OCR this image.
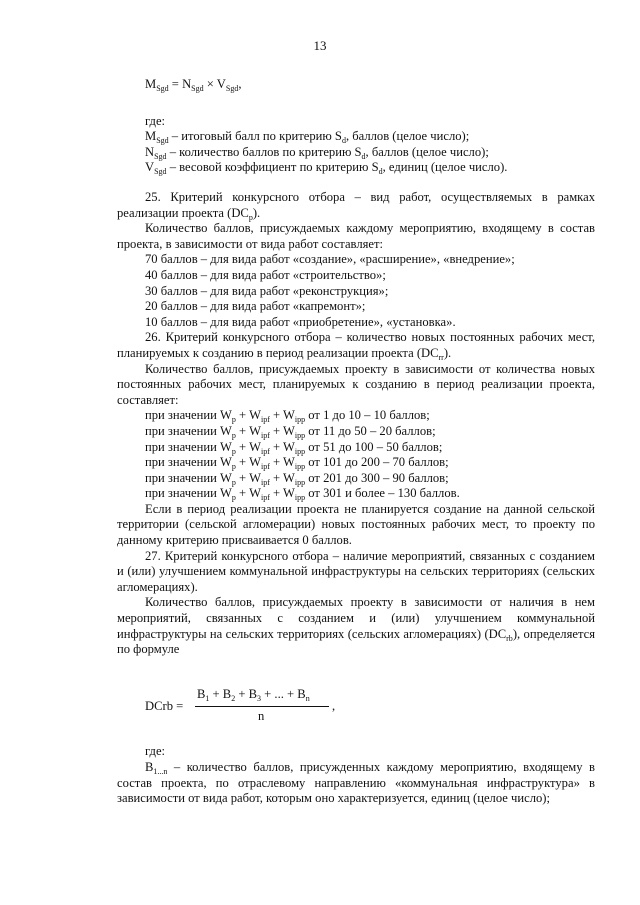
13
$M_{Sgd} = N_{Sgd} \times V_{Sgd}$,
где:

$M_{Sgd}$ – итоговый балл по критерию $S_d$, баллов (целое число);

$N_{Sgd}$ – количество баллов по критерию $S_d$, баллов (целое число);

$V_{Sgd}$ – весовой коэффициент по критерию $S_d$, единиц (целое число).

25. Критерий конкурсного отбора – вид работ, осуществляемых в рамках реализации проекта $(DC_p)$.

Количество баллов, присуждаемых каждому мероприятию, входящему в состав проекта, в зависимости от вида работ составляет:

70 баллов – для вида работ «создание», «расширение», «внедрение»;

40 баллов – для вида работ «строительство»;

30 баллов – для вида работ «реконструкция»;

20 баллов – для вида работ «капремонт»;

10 баллов – для вида работ «приобретение», «установка».

26. Критерий конкурсного отбора – количество новых постоянных рабочих мест, планируемых к созданию в период реализации проекта $(DC_{rr})$.

Количество баллов, присуждаемых проекту в зависимости от количества новых постоянных рабочих мест, планируемых к созданию в период реализации проекта, составляет:

при значении $W_p + W_{ipf} + W_{ipp}$ от 1 до 10 – 10 баллов;

при значении $W_p + W_{ipf} + W_{ipp}$ от 11 до 50 – 20 баллов;

при значении $W_p + W_{ipf} + W_{ipp}$ от 51 до 100 – 50 баллов;

при значении $W_p + W_{ipf} + W_{ipp}$ от 101 до 200 – 70 баллов;

при значении $W_p + W_{ipf} + W_{ipp}$ от 201 до 300 – 90 баллов;

при значении $W_p + W_{ipf} + W_{ipp}$ от 301 и более – 130 баллов.

Если в период реализации проекта не планируется создание на данной сельской территории (сельской агломерации) новых постоянных рабочих мест, то проекту по данному критерию присваивается 0 баллов.

27. Критерий конкурсного отбора – наличие мероприятий, связанных с созданием и (или) улучшением коммунальной инфраструктуры на сельских территориях (сельских агломерациях).

Количество баллов, присуждаемых проекту в зависимости от наличия в нем мероприятий, связанных с созданием и (или) улучшением коммунальной инфраструктуры на сельских территориях (сельских агломерациях) $(DC_{rb})$, определяется по формуле

DCrb =
$B_1 + B_2 + B_3$ + ... + $B_n$
n
,
где:

$B_{1...n}$ – количество баллов, присужденных каждому мероприятию, входящему в состав проекта, по отраслевому направлению «коммунальная инфраструктура» в зависимости от вида работ, которым оно характеризуется, единиц (целое число);
